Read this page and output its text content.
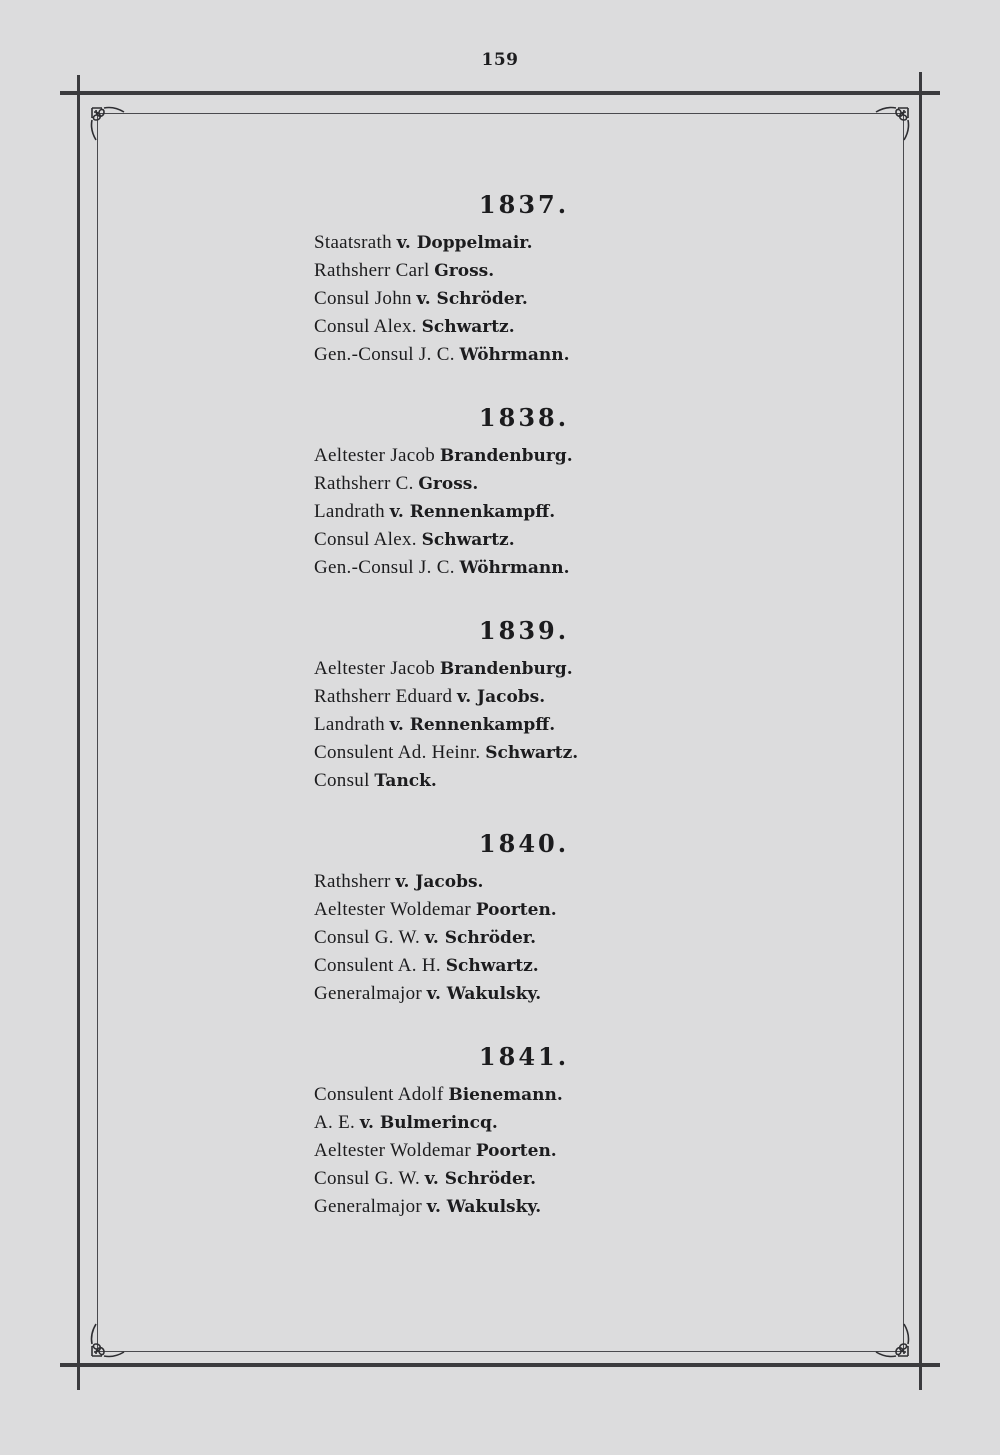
159
1837.
Staatsrath v. Doppelmair.
Rathsherr Carl Gross.
Consul John v. Schröder.
Consul Alex. Schwartz.
Gen.-Consul J. C. Wöhrmann.
1838.
Aeltester Jacob Brandenburg.
Rathsherr C. Gross.
Landrath v. Rennenkampff.
Consul Alex. Schwartz.
Gen.-Consul J. C. Wöhrmann.
1839.
Aeltester Jacob Brandenburg.
Rathsherr Eduard v. Jacobs.
Landrath v. Rennenkampff.
Consulent Ad. Heinr. Schwartz.
Consul Tanck.
1840.
Rathsherr v. Jacobs.
Aeltester Woldemar Poorten.
Consul G. W. v. Schröder.
Consulent A. H. Schwartz.
Generalmajor v. Wakulsky.
1841.
Consulent Adolf Bienemann.
A. E. v. Bulmerincq.
Aeltester Woldemar Poorten.
Consul G. W. v. Schröder.
Generalmajor v. Wakulsky.
